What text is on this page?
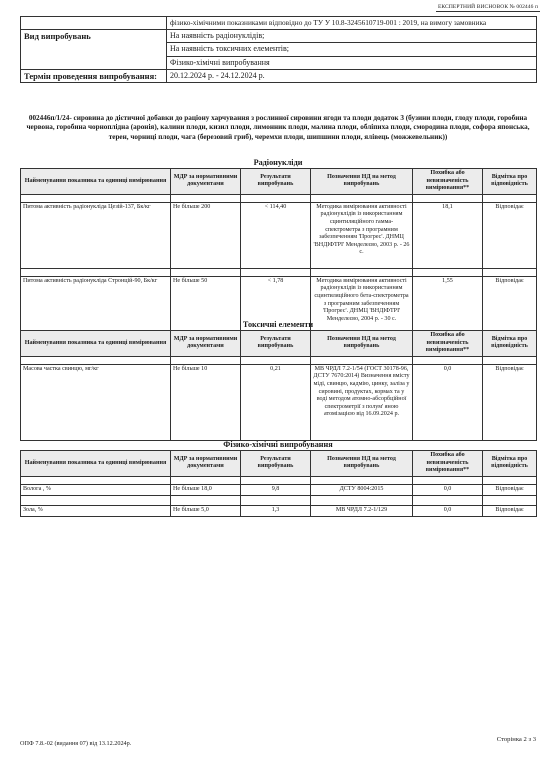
ЕКСПЕРТНИЙ ВИСНОВОК № 002446 п
	фізико-хімічними показниками відповідно до ТУ У 10.8-3245610719-001 : 2019, на вимогу замовника
Вид випробувань	На наявність радіонуклідів;
	На наявність токсичних елементів;
	Фізико-хімічні випробування
Термін проведення випробування:	20.12.2024 р. - 24.12.2024 р.
002446п/1/24- сировина до дієтичної добавки до раціону харчування з рослинної сировини ягоди та плоди додаток 3 (бузини плоди, глоду плоди, горобина червона, горобина чорноплідна (аронія), калини плоди, кизил плоди, лимонник плоди, малина плоди, обліпиха плоди, смородина плоди, софора японська, терен, чорниці плоди, чага (березовий гриб), черемхи плоди, шипшини плоди, ялівець (можжевельник))
Радіонукліди
Найменування показника та одиниці вимірювання	МДР за нормативними документами	Результати випробувань	Позначення НД на метод випробувань	Похибка або невизначеність вимірювання**	Відмітка про відповідність

Питома активність радіонукліда Цезій-137, Бк/кг	Не більше 200	< 114,40	Методика вимірювання активності радіонуклідів із використанням сцинтиляційного гамма-спектрометра з програмним забезпеченням 'Прогрес'. ДНМЦ 'ВНДІФТРІ' Менделєєво, 2003 р. - 26 с.	18,1	Відповідає

Питома активність радіонукліда Стронцій-90, Бк/кг	Не більше 50	< 1,78	Методика вимірювання активності радіонуклідів із використанням сцинтиляційного бета-спектрометра з програмним забезпеченням 'Прогрес'. ДНМЦ 'ВНДІФТРІ' Менделєєво, 2004 р. - 30 с.	1,55	Відповідає
Токсичні елементи
Найменування показника та одиниці вимірювання	МДР за нормативними документами	Результати випробувань	Позначення НД на метод випробувань	Похибка або невизначеність вимірювання**	Відмітка про відповідність

Масова частка свинцю, мг/кг	Не більше 10	0,21	МВ ЧРДЛ 7.2-1/54 (ГОСТ 30178-96, ДСТУ 7670:2014) Визначення вмісту міді, свинцю, кадмію, цинку, заліза у сировині, продуктах, кормах та у воді методом атомно-абсорбційної спектрометрії з полум' яною атомізацією від 16.09.2024 р.	0,0	Відповідає
Фізико-хімічні випробування
Найменування показника та одиниці вимірювання	МДР за нормативними документами	Результати випробувань	Позначення НД на метод випробувань	Похибка або невизначеність вимірювання**	Відмітка про відповідність

Волога , %	Не більше 18,0	9,8	ДСТУ 8004:2015	0,0	Відповідає

Зола, %	Не більше 5,0	1,3	МВ ЧРДЛ 7.2-1/129	0,0	Відповідає
ОПФ 7.8.-02 (видання 07) від 13.12.2024р.
Сторінка 2 з 3
